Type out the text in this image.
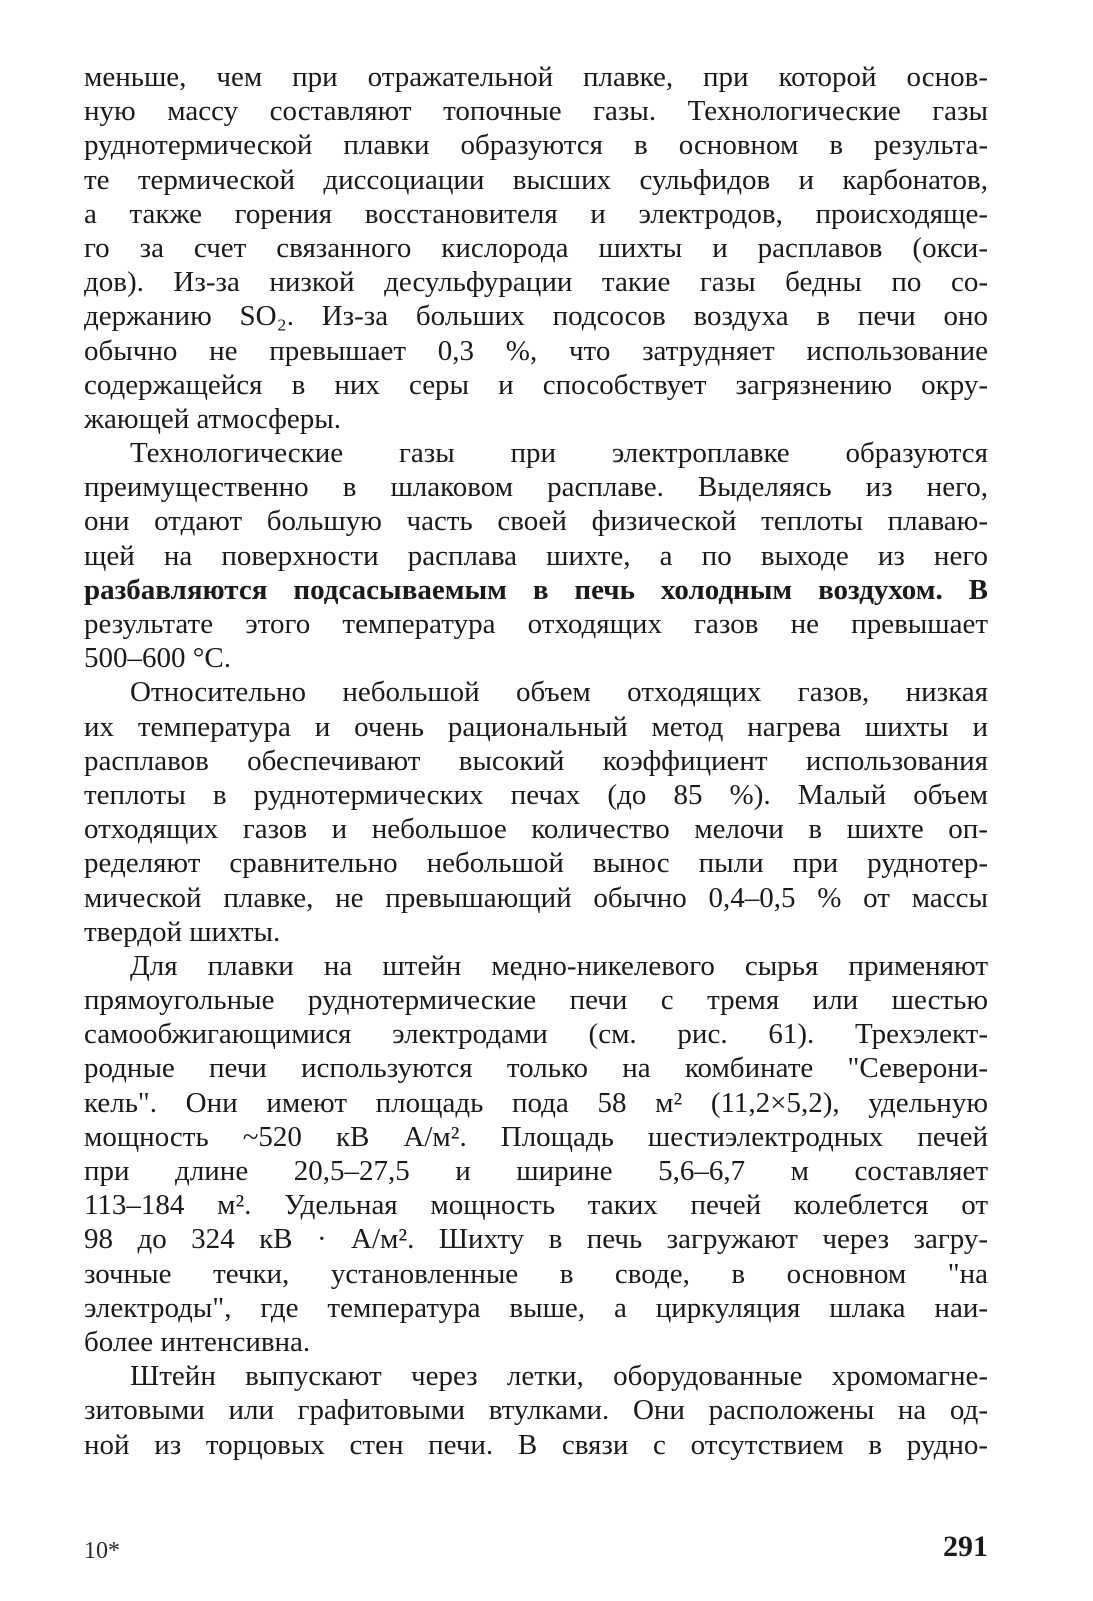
меньше, чем при отражательной плавке, при которой основ-
ную массу составляют топочные газы. Технологические газы
руднотермической плавки образуются в основном в результа-
те термической диссоциации высших сульфидов и карбонатов,
а также горения восстановителя и электродов, происходяще-
го за счет связанного кислорода шихты и расплавов (окси-
дов). Из-за низкой десульфурации такие газы бедны по со-
держанию SO₂. Из-за больших подсосов воздуха в печи оно
обычно не превышает 0,3 %, что затрудняет использование
содержащейся в них серы и способствует загрязнению окру-
жающей атмосферы.
Технологические газы при электроплавке образуются
преимущественно в шлаковом расплаве. Выделяясь из него,
они отдают большую часть своей физической теплоты плаваю-
щей на поверхности расплава шихте, а по выходе из него
разбавляются подсасываемым в печь холодным воздухом. В
результате этого температура отходящих газов не превышает
500–600 °С.
Относительно небольшой объем отходящих газов, низкая
их температура и очень рациональный метод нагрева шихты и
расплавов обеспечивают высокий коэффициент использования
теплоты в руднотермических печах (до 85 %). Малый объем
отходящих газов и небольшое количество мелочи в шихте оп-
ределяют сравнительно небольшой вынос пыли при руднотер-
мической плавке, не превышающий обычно 0,4–0,5 % от массы
твердой шихты.
Для плавки на штейн медно-никелевого сырья применяют
прямоугольные руднотермические печи с тремя или шестью
самообжигающимися электродами (см. рис. 61). Трехэлект-
родные печи используются только на комбинате "Северони-
кель". Они имеют площадь пода 58 м² (11,2×5,2), удельную
мощность ~520 кВ А/м². Площадь шестиэлектродных печей
при длине 20,5–27,5 и ширине 5,6–6,7 м составляет
113–184 м². Удельная мощность таких печей колеблется от
98 до 324 кВ · А/м². Шихту в печь загружают через загру-
зочные течки, установленные в своде, в основном "на
электроды", где температура выше, а циркуляция шлака наи-
более интенсивна.
Штейн выпускают через летки, оборудованные хромомагне-
зитовыми или графитовыми втулками. Они расположены на од-
ной из торцовых стен печи. В связи с отсутствием в рудно-
10*	291
